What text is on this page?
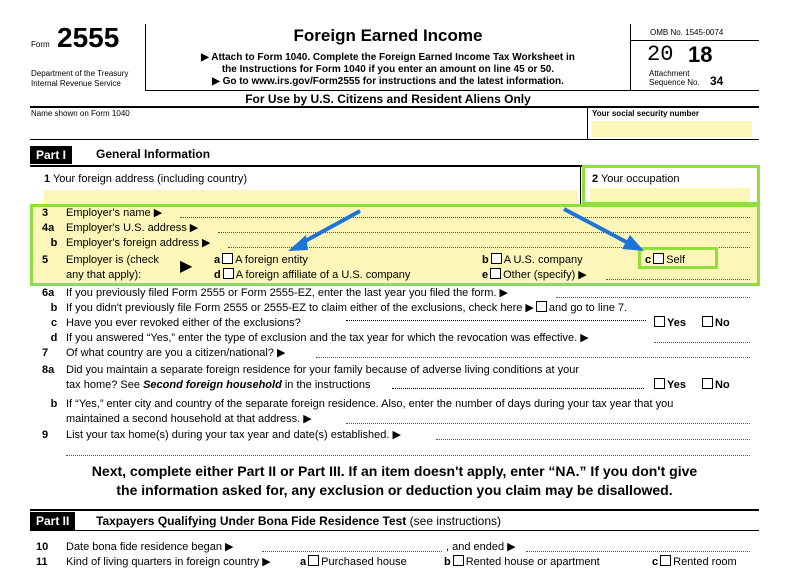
Form 2555
Department of the Treasury
Internal Revenue Service
Foreign Earned Income
▶ Attach to Form 1040. Complete the Foreign Earned Income Tax Worksheet in
the Instructions for Form 1040 if you enter an amount on line 45 or 50.
▶ Go to www.irs.gov/Form2555 for instructions and the latest information.
OMB No. 1545-0074
20 18
Attachment
Sequence No. 34
For Use by U.S. Citizens and Resident Aliens Only
Name shown on Form 1040	Your social security number
Part I	General Information
1 Your foreign address (including country)	2 Your occupation
3 Employer's name ▶
4a Employer's U.S. address ▶
b Employer's foreign address ▶
5 Employer is (check
any that apply): ▶ a A foreign entity	b A U.S. company	c Self
d A foreign affiliate of a U.S. company	e Other (specify) ▶
6a If you previously filed Form 2555 or Form 2555-EZ, enter the last year you filed the form. ▶
b If you didn't previously file Form 2555 or 2555-EZ to claim either of the exclusions, check here ▶ and go to line 7.
c Have you ever revoked either of the exclusions?	Yes	No
d If you answered “Yes,” enter the type of exclusion and the tax year for which the revocation was effective. ▶
7 Of what country are you a citizen/national? ▶
8a Did you maintain a separate foreign residence for your family because of adverse living conditions at your
tax home? See Second foreign household in the instructions	Yes	No
b If “Yes,” enter city and country of the separate foreign residence. Also, enter the number of days during your tax year that you
maintained a second household at that address. ▶
9 List your tax home(s) during your tax year and date(s) established. ▶
Next, complete either Part II or Part III. If an item doesn't apply, enter “NA.” If you don't give
the information asked for, any exclusion or deduction you claim may be disallowed.
Part II	Taxpayers Qualifying Under Bona Fide Residence Test (see instructions)
10 Date bona fide residence began ▶	, and ended ▶
11 Kind of living quarters in foreign country ▶	a Purchased house	b Rented house or apartment	c Rented room
